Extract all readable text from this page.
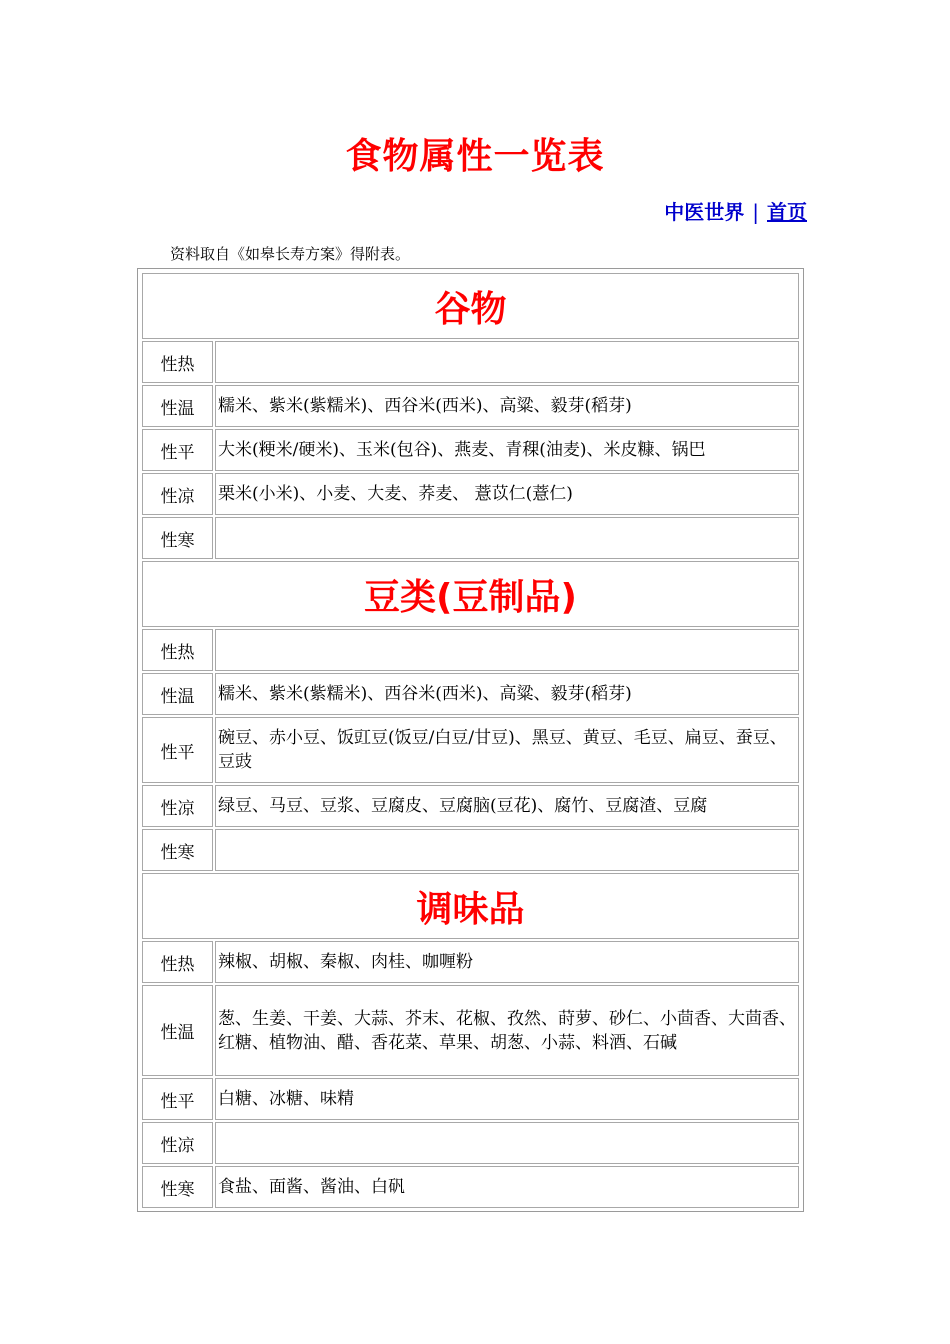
食物属性一览表
中医世界 | 首页
资料取自《如皋长寿方案》得附表。
谷物	
性热	
性温	糯米、紫米(紫糯米)、西谷米(西米)、高粱、毅芽(稻芽)
性平	大米(粳米/硬米)、玉米(包谷)、燕麦、青稞(油麦)、米皮糠、锅巴
性凉	栗米(小米)、小麦、大麦、荞麦、 薏苡仁(薏仁)
性寒	
豆类(豆制品)	
性热	
性温	糯米、紫米(紫糯米)、西谷米(西米)、高粱、毅芽(稻芽)
性平	碗豆、赤小豆、饭豇豆(饭豆/白豆/甘豆)、黑豆、黄豆、毛豆、扁豆、蚕豆、豆豉
性凉	绿豆、马豆、豆浆、豆腐皮、豆腐脑(豆花)、腐竹、豆腐渣、豆腐
性寒	
调味品	
性热	辣椒、胡椒、秦椒、肉桂、咖喱粉
性温	葱、生姜、干姜、大蒜、芥末、花椒、孜然、莳萝、砂仁、小茴香、大茴香、红糖、植物油、醋、香花菜、草果、胡葱、小蒜、料酒、石碱
性平	白糖、冰糖、味精
性凉	
性寒	食盐、面酱、酱油、白矾
